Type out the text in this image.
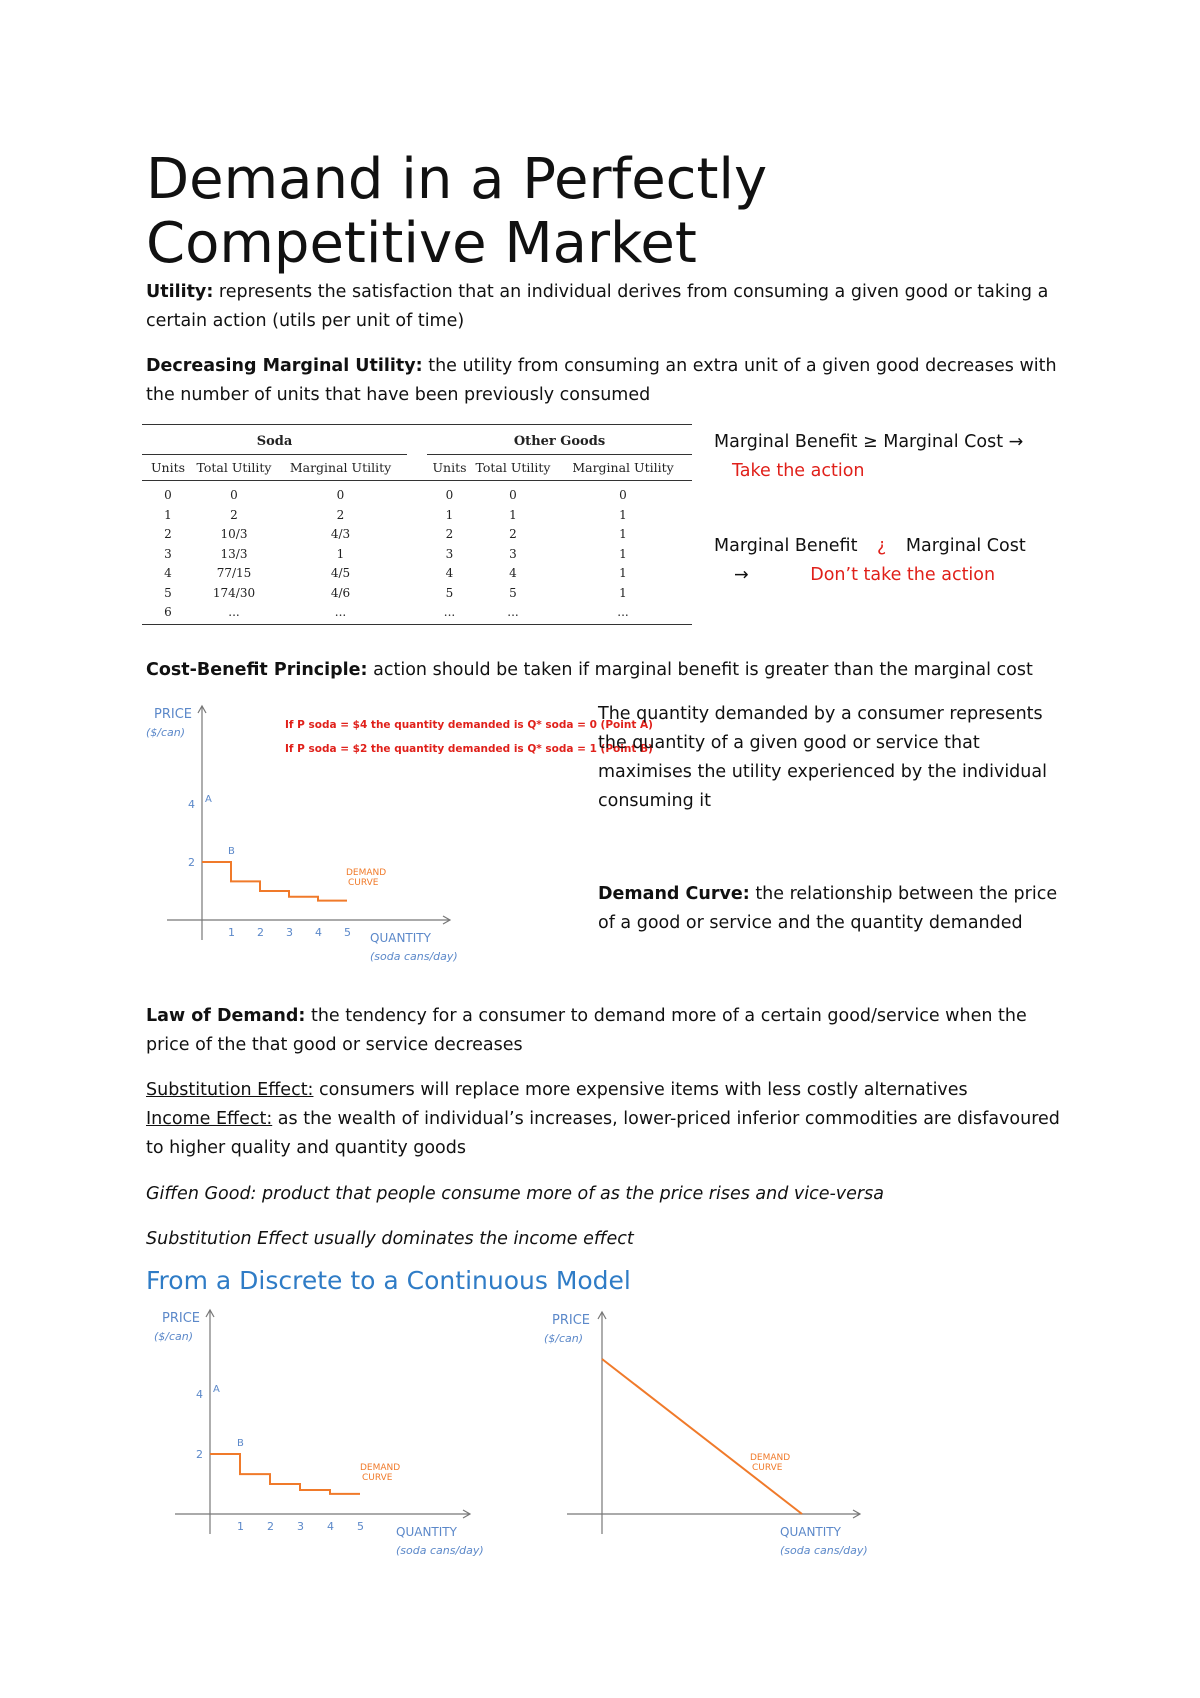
Demand in a Perfectly Competitive Market
Utility: represents the satisfaction that an individual derives from consuming a given good or taking a certain action (utils per unit of time)
Decreasing Marginal Utility: the utility from consuming an extra unit of a given good decreases with the number of units that have been previously consumed
Soda	Other Goods
Units Total Utility	Marginal Utility	Units Total Utility	Marginal Utility
0	0	0	0	0	0
1	2	2	1	1	1
2	10/3	4/3	2	2	1
3	13/3	1	3	3	1
4	77/15	4/5	4	4	1
5	174/30	4/6	5	5	1
6	...	...	...	...	...
Marginal Benefit ≥ Marginal Cost →
Take the action
Marginal Benefit ¿ Marginal Cost
→	Don’t take the action
Cost-Benefit Principle: action should be taken if marginal benefit is greater than the marginal cost
PRICE
($/can)
QUANTITY
(soda cans/day)
1 2 3 4 5
4
2
A
B
DEMAND
CURVE
If P soda = $4 the quantity demanded is Q* soda = 0 (Point A)
If P soda = $2 the quantity demanded is Q* soda = 1 (Point B)
The quantity demanded by a consumer represents the quantity of a given good or service that maximises the utility experienced by the individual consuming it
Demand Curve: the relationship between the price of a good or service and the quantity demanded
Law of Demand: the tendency for a consumer to demand more of a certain good/service when the price of the that good or service decreases
Substitution Effect: consumers will replace more expensive items with less costly alternatives
Income Effect: as the wealth of individual’s increases, lower-priced inferior commodities are disfavoured to higher quality and quantity goods
Giffen Good: product that people consume more of as the price rises and vice-versa
Substitution Effect usually dominates the income effect
From a Discrete to a Continuous Model
PRICE
($/can)
QUANTITY
(soda cans/day)
1 2 3 4 5
4
2
A
B
DEMAND
CURVE
PRICE
($/can)
QUANTITY
(soda cans/day)
DEMAND
CURVE
